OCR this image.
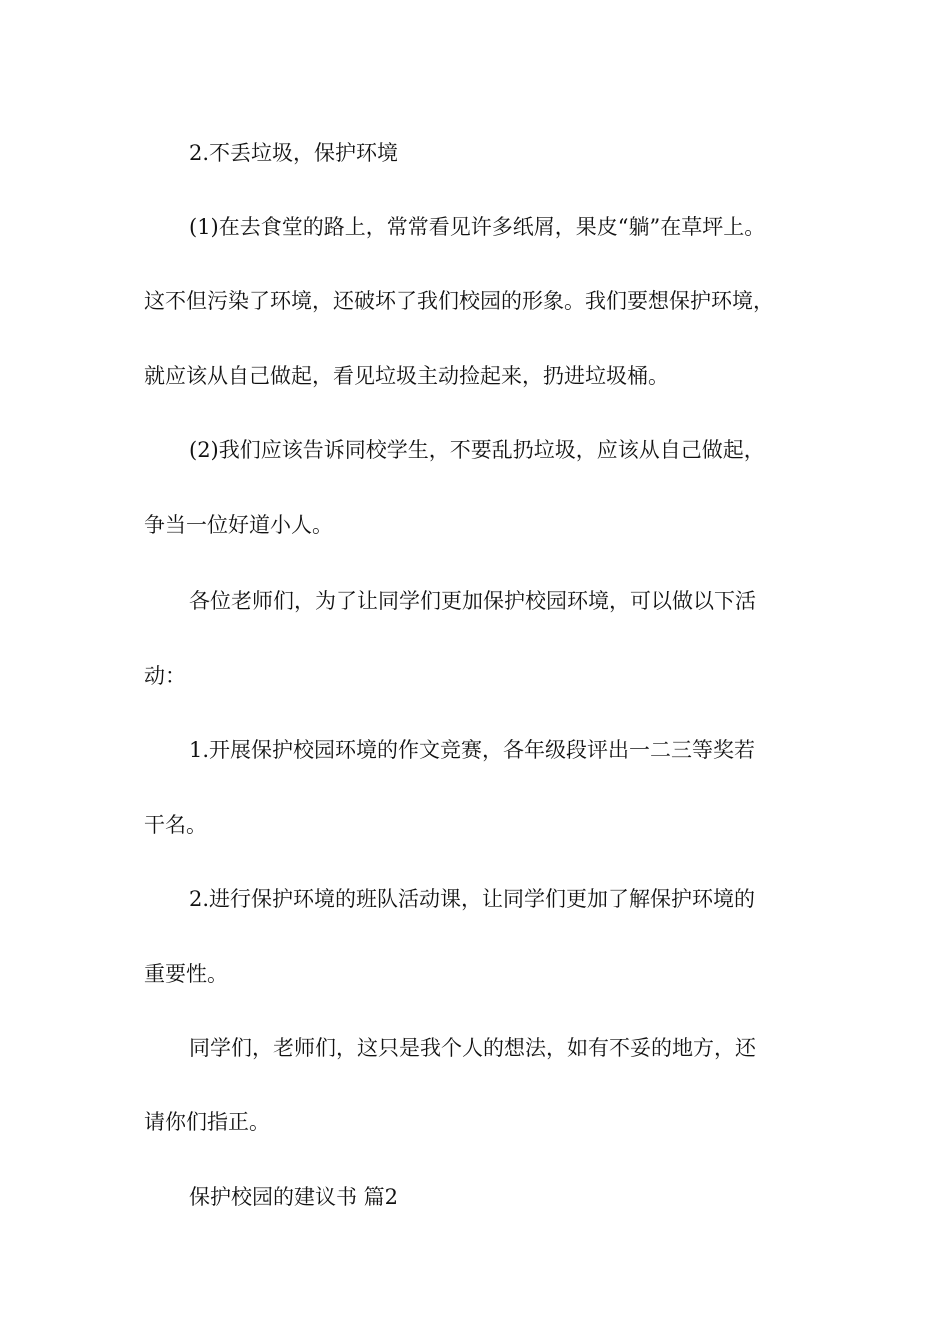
2.不丢垃圾，保护环境
(1)在去食堂的路上，常常看见许多纸屑，果皮“躺”在草坪上。
这不但污染了环境，还破坏了我们校园的形象。我们要想保护环境，
就应该从自己做起，看见垃圾主动捡起来，扔进垃圾桶。
(2)我们应该告诉同校学生，不要乱扔垃圾，应该从自己做起，
争当一位好道小人。
各位老师们，为了让同学们更加保护校园环境，可以做以下活
动：
1.开展保护校园环境的作文竞赛，各年级段评出一二三等奖若
干名。
2.进行保护环境的班队活动课，让同学们更加了解保护环境的
重要性。
同学们，老师们，这只是我个人的想法，如有不妥的地方，还
请你们指正。
保护校园的建议书 篇2
